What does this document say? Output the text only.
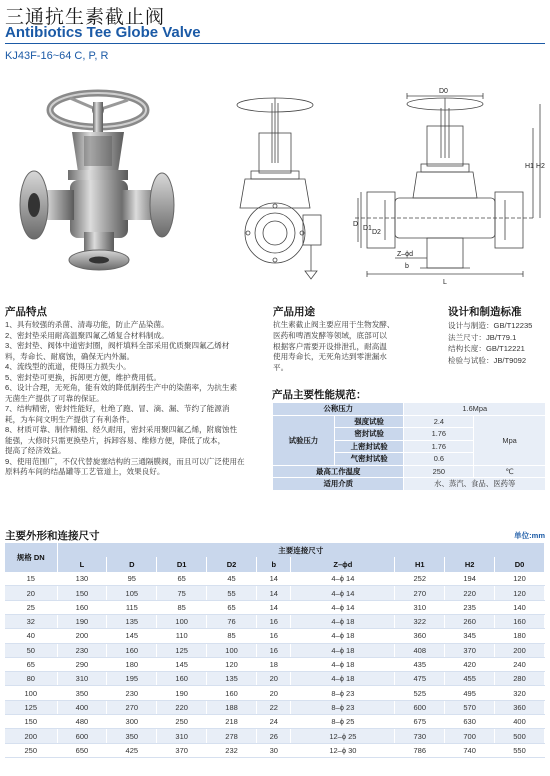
三通抗生素截止阀
Antibiotics Tee Globe Valve
KJ43F-16~64 C, P, R
D0
H2
H1
D
D1
D2
b
Z–ϕd
L
产品特点
1、具有较强的杀菌、清毒功能，防止产品染菌。
2、密封垫采用耐高温聚四氟乙烯复合材料制成。
3、密封垫、阀体中道密封圈，阀杆填料全部采用优质聚四氟乙烯材
料，寿命长、耐腐蚀，确保无内外漏。
4、流线型的流道，使得压力损失小。
5、密封垫可更换，拆卸更方便，维护费用低。
6、设计合理，无死角，能有效的降低制药生产中的染菌率，为抗生素
无菌生产提供了可靠的保证。
7、结构精密，密封性能好，杜绝了跑、冒、滴、漏、节约了能源消
耗，为车间文明生产提供了有利条件。
8、材质可靠、制作精细、经久耐用，密封采用聚四氟乙烯，附腐蚀性
能强，大修时只需更换垫片，拆卸容易、维修方便，降低了成本，
提高了经济效益。
9、使用范围广，不仅代替旋塞结构的三通隔膜阀，而且可以广泛使用在
原料药车间的结晶罐等工艺管道上，效果良好。
产品用途
抗生素截止阀主要应用于生物发酵、
医药和啤酒发酵等领域，底部可以
根据客户需要开设排泄孔，耐高温
使用寿命长，无死角达到零泄漏水
平。
设计和制造标准
设计与制造：GB/T12235
法兰尺寸：JB/T79.1
结构长度：GB/T12221
检验与试验：JB/T9092
产品主要性能规范：
公称压力		1.6Mpa	
试验压力	强度试验	2.4	Mpa
	密封试验	1.76	
	上密封试验	1.76	
	气密封试验	0.6	
最高工作温度		250	℃
适用介质		水、蒸汽、食品、医药等	
主要外形和连接尺寸	单位:mm
规格 DN	主要连接尺寸								
	L	D	D1	D2	b	Z–ϕd	H1	H2	D0
15	130	95	65	45	14	4–ϕ 14	252	194	120
20	150	105	75	55	14	4–ϕ 14	270	220	120
25	160	115	85	65	14	4–ϕ 14	310	235	140
32	190	135	100	76	16	4–ϕ 18	322	260	160
40	200	145	110	85	16	4–ϕ 18	360	345	180
50	230	160	125	100	16	4–ϕ 18	408	370	200
65	290	180	145	120	18	4–ϕ 18	435	420	240
80	310	195	160	135	20	4–ϕ 18	475	455	280
100	350	230	190	160	20	8–ϕ 23	525	495	320
125	400	270	220	188	22	8–ϕ 23	600	570	360
150	480	300	250	218	24	8–ϕ 25	675	630	400
200	600	350	310	278	26	12–ϕ 25	730	700	500
250	650	425	370	232	30	12–ϕ 30	786	740	550
